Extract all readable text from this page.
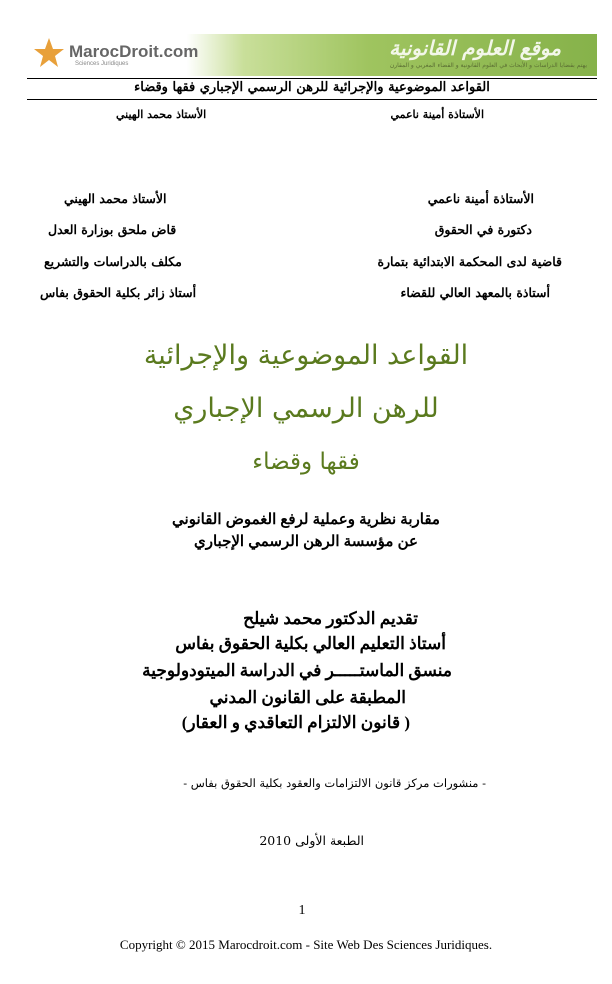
MarocDroit.com
Sciences Juridiques
موقع العلوم القانونية
يهتم بقضايا الدراسات و الأبحاث في العلوم القانونية و القضاء المغربي و المقارن
القواعد الموضوعية والإجرائية للرهن الرسمي الإجباري فقها وقضاء
الأستاذة أمينة ناعمي
الأستاذ محمد الهيني
الأستاذة أمينة ناعمي
دكتورة في الحقوق
قاضية لدى المحكمة الابتدائية بتمارة
أستاذة بالمعهد العالي للقضاء
الأستاذ محمد الهيني
قاض ملحق بوزارة العدل
مكلف بالدراسات والتشريع
أستاذ زائر بكلية الحقوق بفاس
القواعد الموضوعية والإجرائية
للرهن الرسمي الإجباري
فقها وقضاء
مقاربة نظرية وعملية لرفع الغموض القانوني
عن مؤسسة الرهن الرسمي الإجباري
تقديم الدكتور محمد شيلح
أستاذ التعليم العالي بكلية الحقوق بفاس
منسق الماستـــــر في الدراسة الميتودولوجية
المطبقة على القانون المدني
( قانون الالتزام التعاقدي و العقار)
- منشورات مركز قانون الالتزامات والعقود بكلية الحقوق بفاس -
الطبعة الأولى 2010
1
Copyright © 2015 Marocdroit.com - Site Web Des Sciences Juridiques.
